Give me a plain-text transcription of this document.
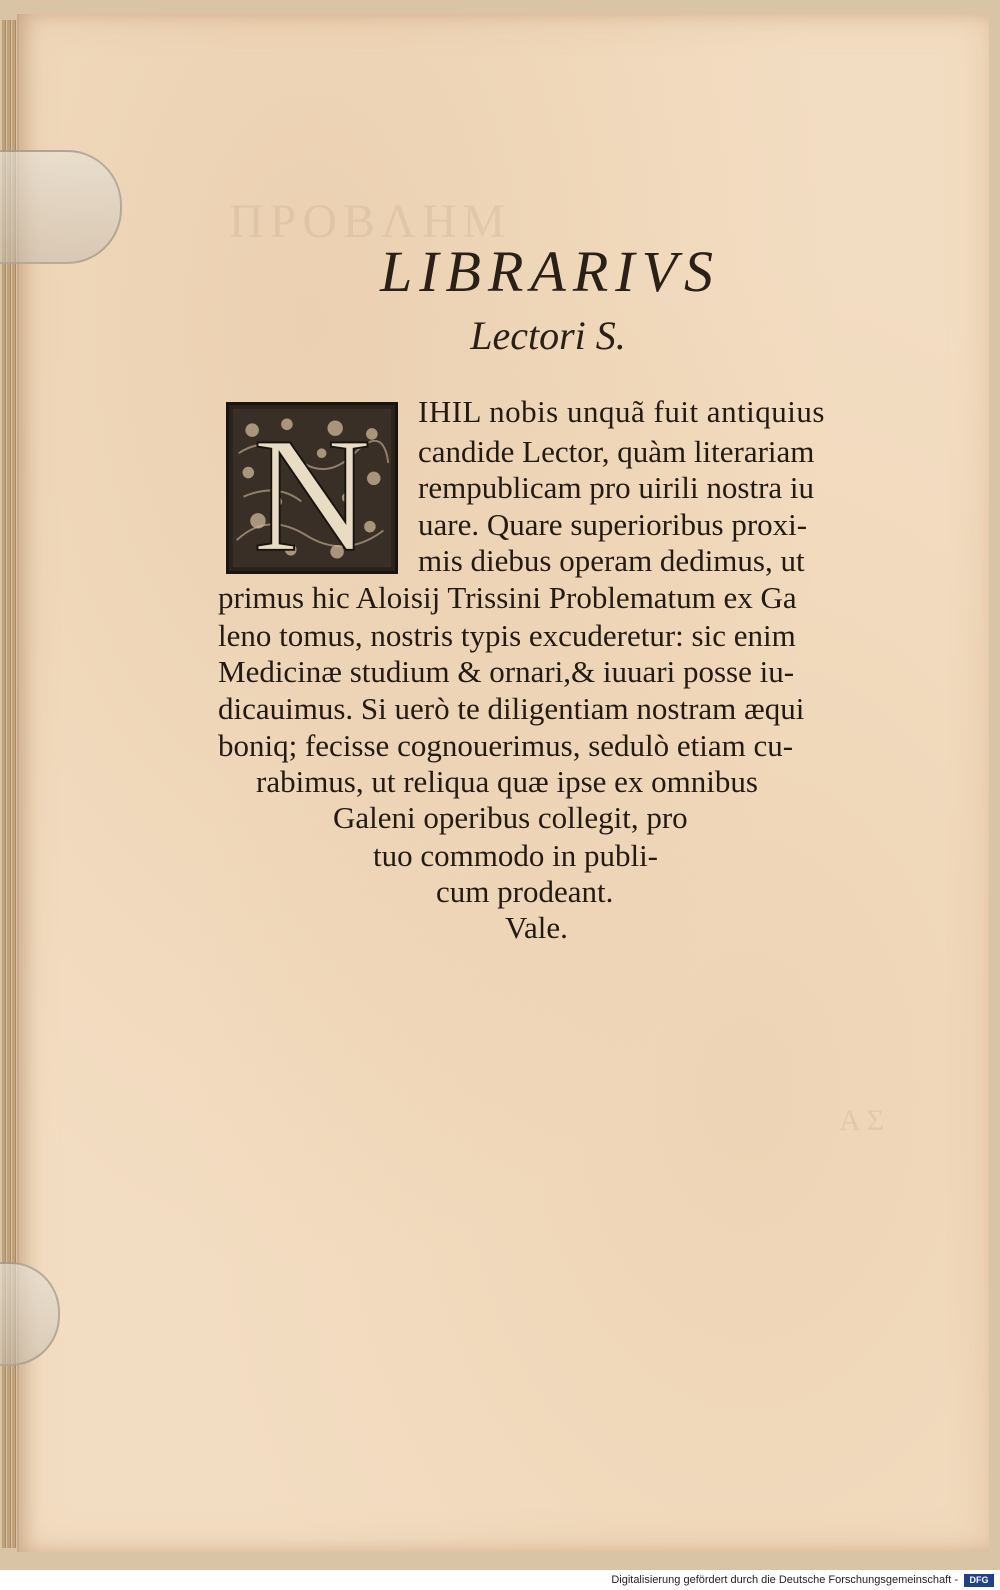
ΠΡΟΒΛΗΜ
ΑΣ
LIBRARIVS
Lectori S.
N IHIL nobis unquã fuit antiquius
candide Lector, quàm literariam
rempublicam pro uirili nostra iu
uare. Quare superioribus proxi-
mis diebus operam dedimus, ut
primus hic Aloisij Trissini Problematum ex Ga
leno tomus, nostris typis excuderetur: sic enim
Medicinæ studium & ornari,& iuuari posse iu-
dicauimus. Si uerò te diligentiam nostram æqui
boniq; fecisse cognouerimus, sedulò etiam cu-
rabimus, ut reliqua quæ ipse ex omnibus
Galeni operibus collegit, pro
tuo commodo in publi-
cum prodeant.
Vale.
Digitalisierung gefördert durch die Deutsche Forschungsgemeinschaft -	DFG
